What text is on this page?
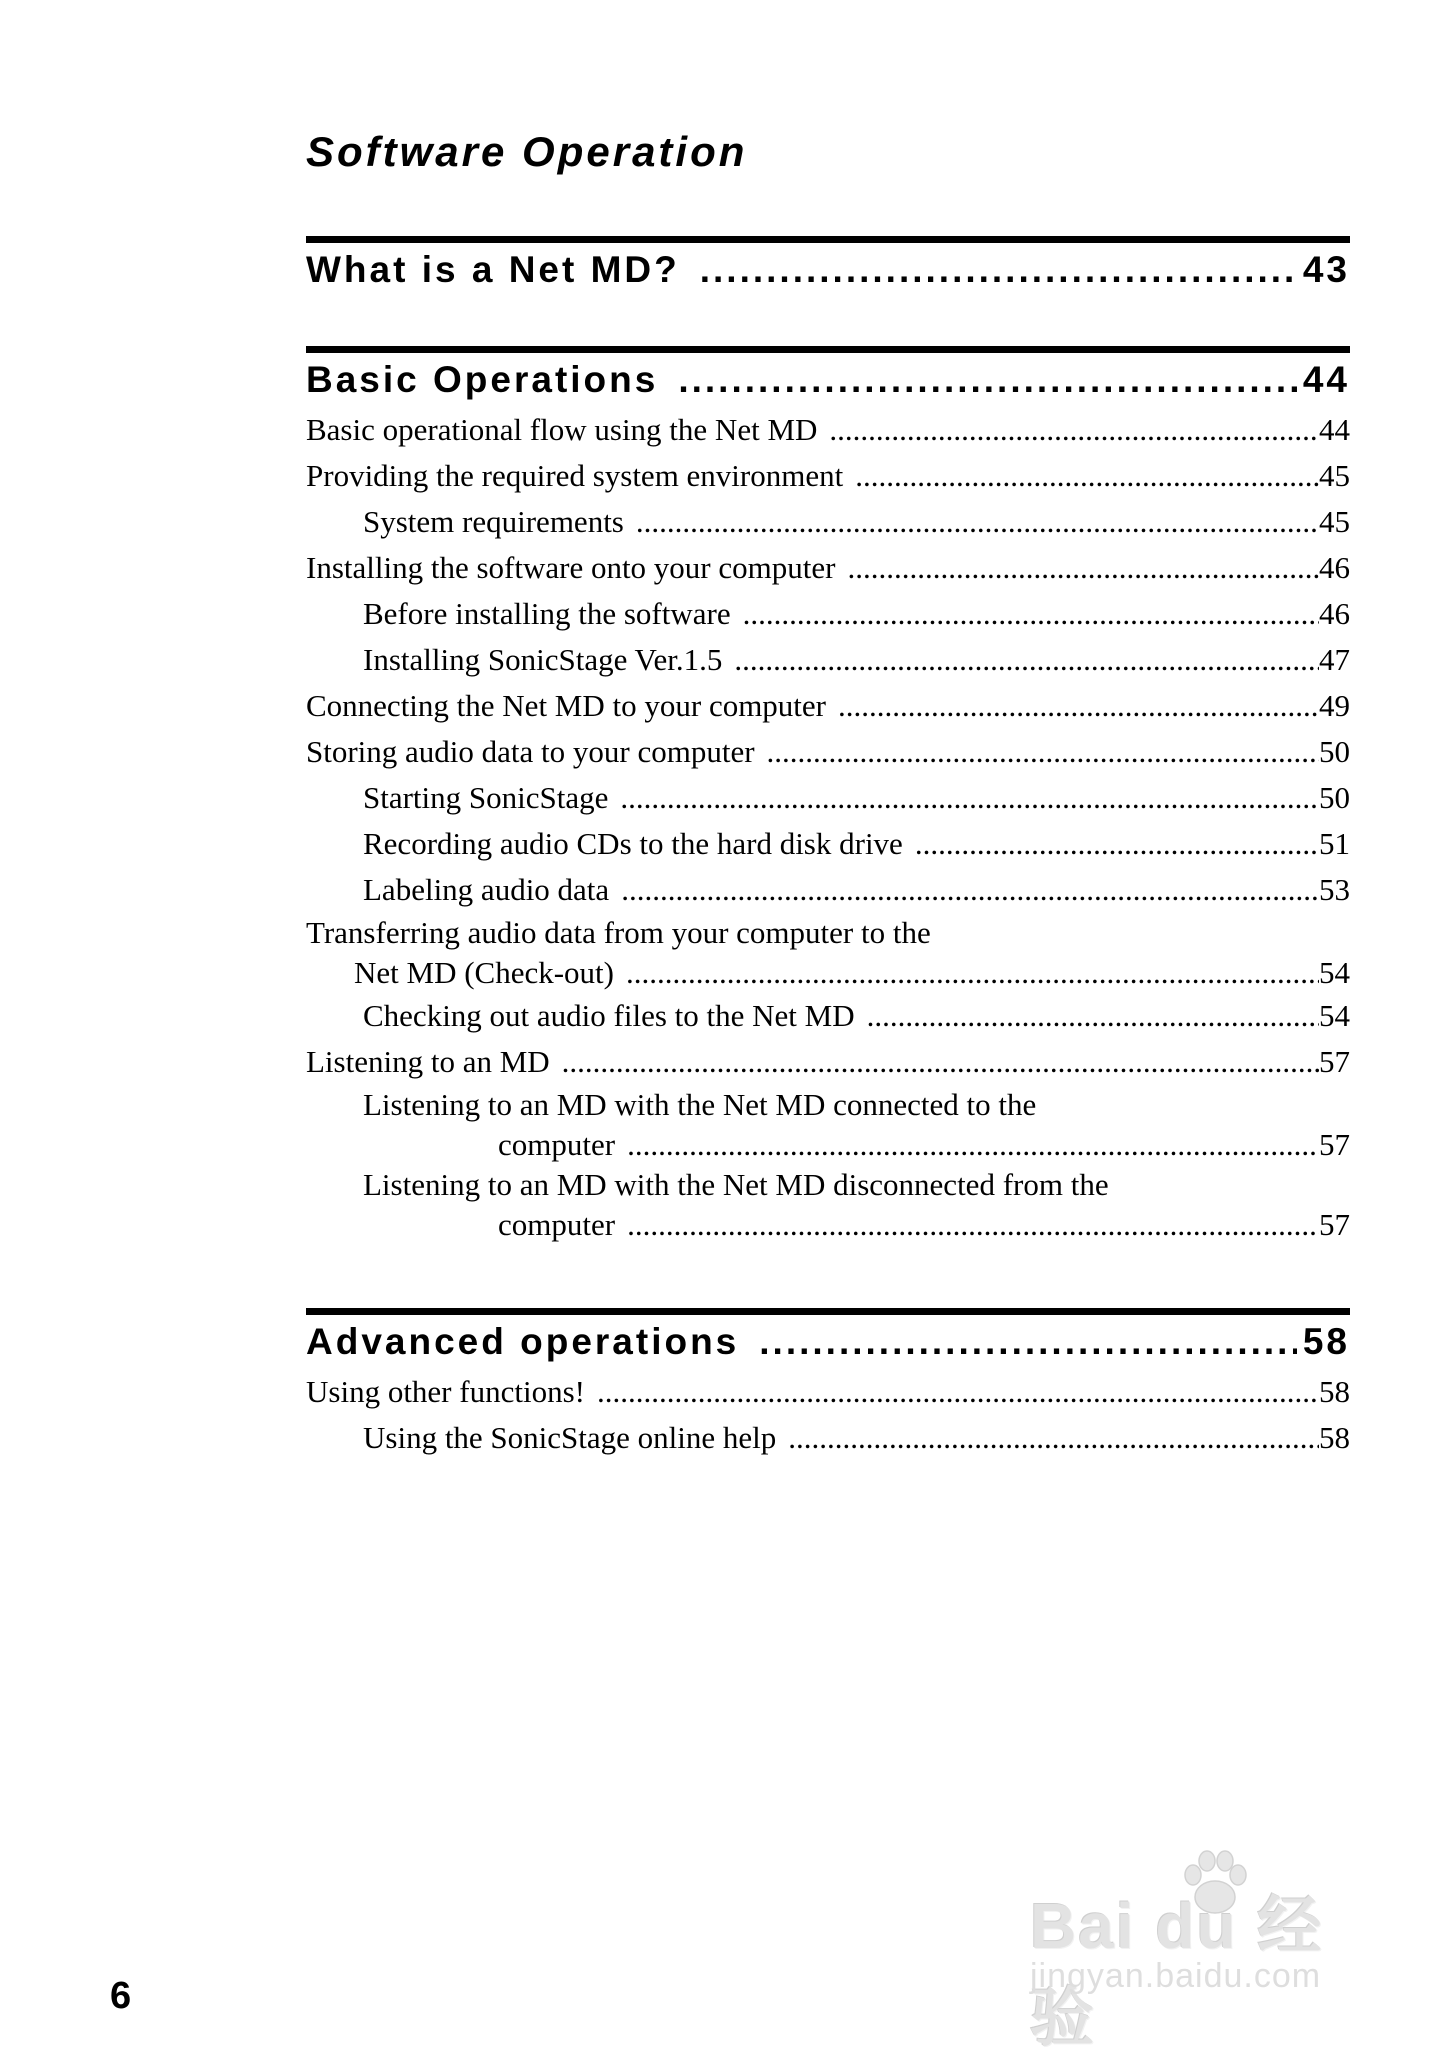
Software Operation
What is a Net MD? .....	43
Basic Operations .....	44
Basic operational flow using the Net MD .....	44
Providing the required system environment .....	45
System requirements .....	45
Installing the software onto your computer .....	46
Before installing the software .....	46
Installing SonicStage Ver.1.5 .....	47
Connecting the Net MD to your computer .....	49
Storing audio data to your computer .....	50
Starting SonicStage .....	50
Recording audio CDs to the hard disk drive .....	51
Labeling audio data .....	53
Transferring audio data from your computer to the
Net MD (Check-out) .....	54
Checking out audio files to the Net MD .....	54
Listening to an MD .....	57
Listening to an MD with the Net MD connected to the
computer .....	57
Listening to an MD with the Net MD disconnected from the
computer .....	57
Advanced operations .....	58
Using other functions! .....	58
Using the SonicStage online help .....	58
6
Bai du 经验
jingyan.baidu.com
